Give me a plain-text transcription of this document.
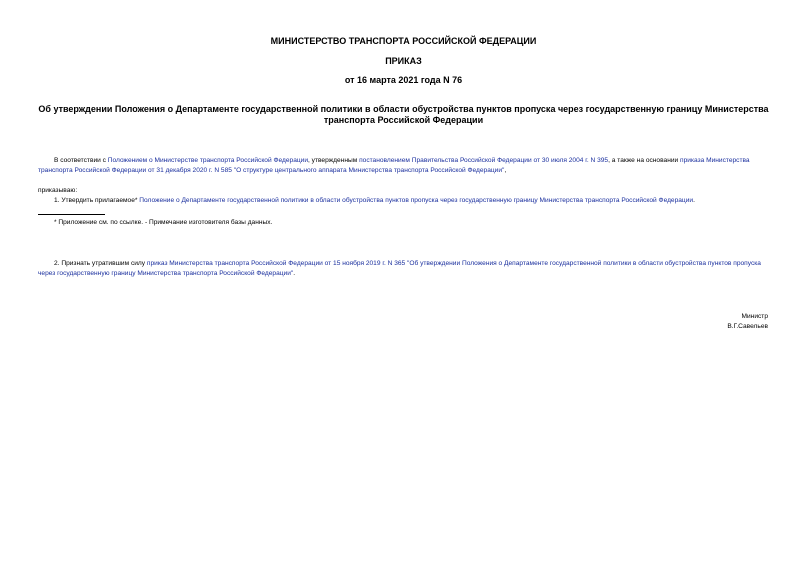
МИНИСТЕРСТВО ТРАНСПОРТА РОССИЙСКОЙ ФЕДЕРАЦИИ
ПРИКАЗ
от 16 марта 2021 года N 76
Об утверждении Положения о Департаменте государственной политики в области обустройства пунктов пропуска через государственную границу Министерства транспорта Российской Федерации
В соответствии с Положением о Министерстве транспорта Российской Федерации, утвержденным постановлением Правительства Российской Федерации от 30 июля 2004 г. N 395, а также на основании приказа Министерства транспорта Российской Федерации от 31 декабря 2020 г. N 585 "О структуре центрального аппарата Министерства транспорта Российской Федерации",
приказываю:
1. Утвердить прилагаемое* Положение о Департаменте государственной политики в области обустройства пунктов пропуска через государственную границу Министерства транспорта Российской Федерации.
* Приложение см. по ссылке. - Примечание изготовителя базы данных.
2. Признать утратившим силу приказ Министерства транспорта Российской Федерации от 15 ноября 2019 г. N 365 "Об утверждении Положения о Департаменте государственной политики в области обустройства пунктов пропуска через государственную границу Министерства транспорта Российской Федерации".
Министр
В.Г.Савельев
